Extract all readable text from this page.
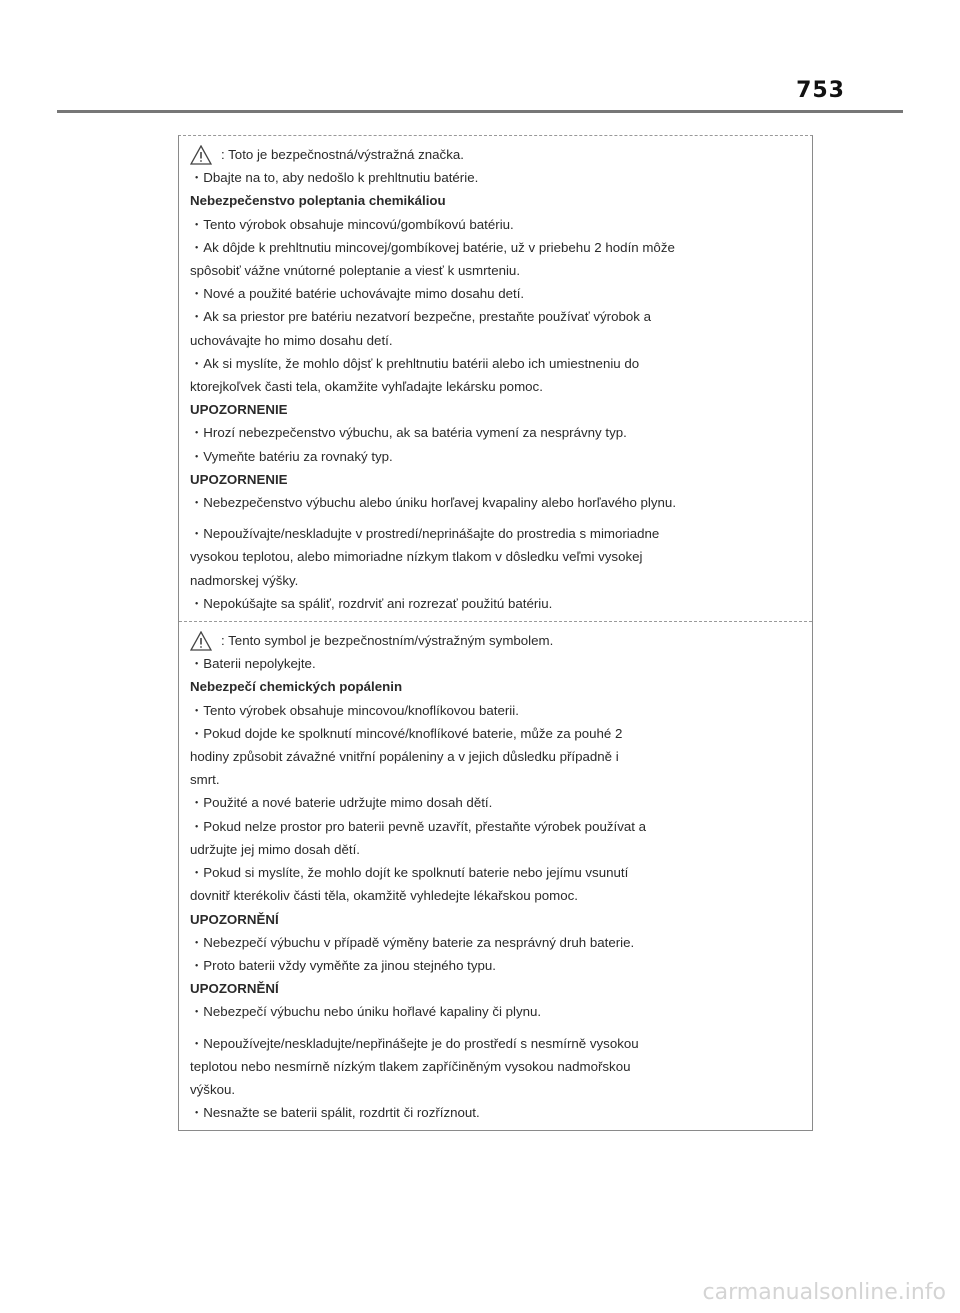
753
: Toto je bezpečnostná/výstražná značka.
・Dbajte na to, aby nedošlo k prehltnutiu batérie.
Nebezpečenstvo poleptania chemikáliou
・Tento výrobok obsahuje mincovú/gombíkovú batériu.
・Ak dôjde k prehltnutiu mincovej/gombíkovej batérie, už v priebehu 2 hodín môže
spôsobiť vážne vnútorné poleptanie a viesť k usmrteniu.
・Nové a použité batérie uchovávajte mimo dosahu detí.
・Ak sa priestor pre batériu nezatvorí bezpečne, prestaňte používať výrobok a
uchovávajte ho mimo dosahu detí.
・Ak si myslíte, že mohlo dôjsť k prehltnutiu batérii alebo ich umiestneniu do
ktorejkoľvek časti tela, okamžite vyhľadajte lekársku pomoc.
UPOZORNENIE
・Hrozí nebezpečenstvo výbuchu, ak sa batéria vymení za nesprávny typ.
・Vymeňte batériu za rovnaký typ.
UPOZORNENIE
・Nebezpečenstvo výbuchu alebo úniku horľavej kvapaliny alebo horľavého plynu.
・Nepoužívajte/neskladujte v prostredí/neprinášajte do prostredia s mimoriadne
vysokou teplotou, alebo mimoriadne nízkym tlakom v dôsledku veľmi vysokej
nadmorskej výšky.
・Nepokúšajte sa spáliť, rozdrviť ani rozrezať použitú batériu.
: Tento symbol je bezpečnostním/výstražným symbolem.
・Baterii nepolykejte.
Nebezpečí chemických popálenin
・Tento výrobek obsahuje mincovou/knoflíkovou baterii.
・Pokud dojde ke spolknutí mincové/knoflíkové baterie, může za pouhé 2
hodiny způsobit závažné vnitřní popáleniny a v jejich důsledku případně i
smrt.
・Použité a nové baterie udržujte mimo dosah dětí.
・Pokud nelze prostor pro baterii pevně uzavřít, přestaňte výrobek používat a
udržujte jej mimo dosah dětí.
・Pokud si myslíte, že mohlo dojít ke spolknutí baterie nebo jejímu vsunutí
dovnitř kterékoliv části těla, okamžitě vyhledejte lékařskou pomoc.
UPOZORNĚNÍ
・Nebezpečí výbuchu v případě výměny baterie za nesprávný druh baterie.
・Proto baterii vždy vyměňte za jinou stejného typu.
UPOZORNĚNÍ
・Nebezpečí výbuchu nebo úniku hořlavé kapaliny či plynu.
・Nepoužívejte/neskladujte/nepřinášejte je do prostředí s nesmírně vysokou
teplotou nebo nesmírně nízkým tlakem zapříčiněným vysokou nadmořskou
výškou.
・Nesnažte se baterii spálit, rozdrtit či rozříznout.
carmanualsonline.info
